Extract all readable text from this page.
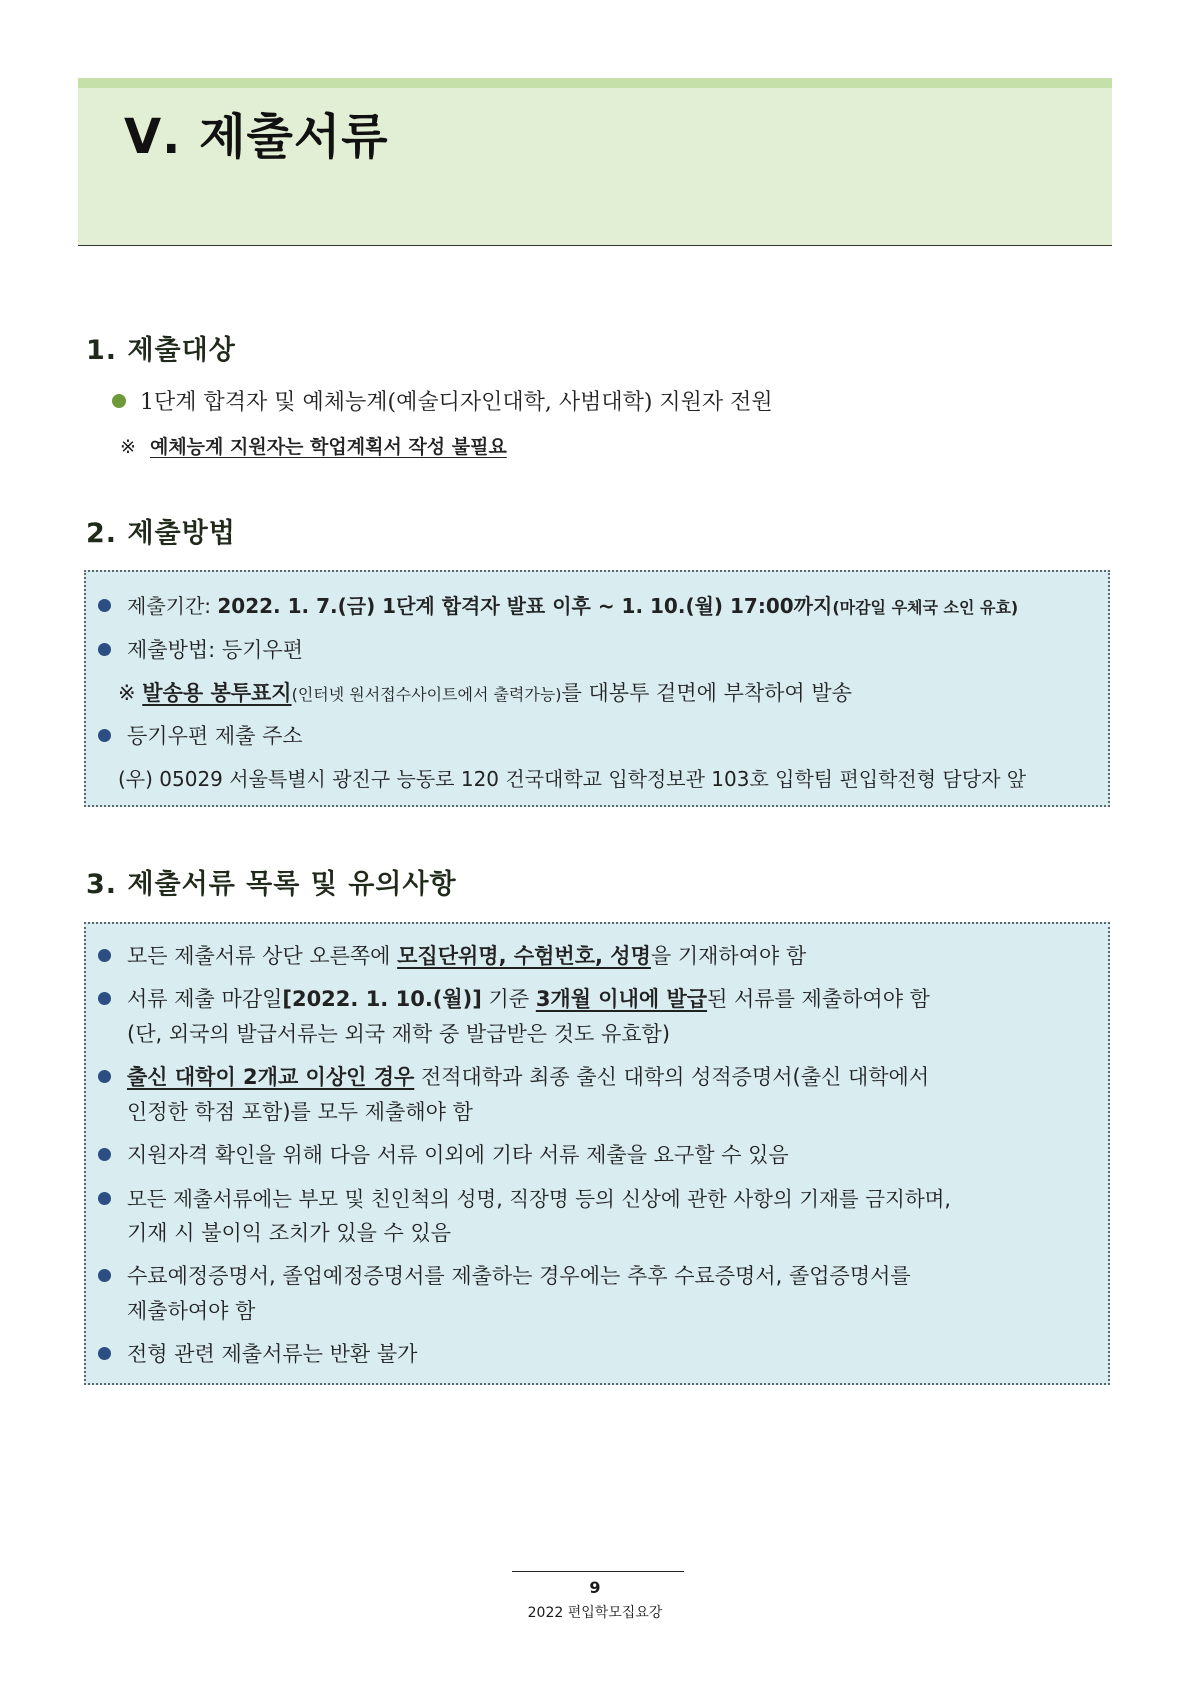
Ⅴ. 제출서류
1. 제출대상
1단계 합격자 및 예체능계(예술디자인대학, 사범대학) 지원자 전원
※ 예체능계 지원자는 학업계획서 작성 불필요
2. 제출방법
제출기간: 2022. 1. 7.(금) 1단계 합격자 발표 이후 ~ 1. 10.(월) 17:00까지(마감일 우체국 소인 유효)
제출방법: 등기우편
※ 발송용 봉투표지(인터넷 원서접수사이트에서 출력가능)를 대봉투 겉면에 부착하여 발송
등기우편 제출 주소
(우) 05029 서울특별시 광진구 능동로 120 건국대학교 입학정보관 103호 입학팀 편입학전형 담당자 앞
3. 제출서류 목록 및 유의사항
모든 제출서류 상단 오른쪽에 모집단위명, 수험번호, 성명을 기재하여야 함
서류 제출 마감일[2022. 1. 10.(월)] 기준 3개월 이내에 발급된 서류를 제출하여야 함
(단, 외국의 발급서류는 외국 재학 중 발급받은 것도 유효함)
출신 대학이 2개교 이상인 경우 전적대학과 최종 출신 대학의 성적증명서(출신 대학에서
인정한 학점 포함)를 모두 제출해야 함
지원자격 확인을 위해 다음 서류 이외에 기타 서류 제출을 요구할 수 있음
모든 제출서류에는 부모 및 친인척의 성명, 직장명 등의 신상에 관한 사항의 기재를 금지하며,
기재 시 불이익 조치가 있을 수 있음
수료예정증명서, 졸업예정증명서를 제출하는 경우에는 추후 수료증명서, 졸업증명서를
제출하여야 함
전형 관련 제출서류는 반환 불가
9
2022 편입학모집요강
